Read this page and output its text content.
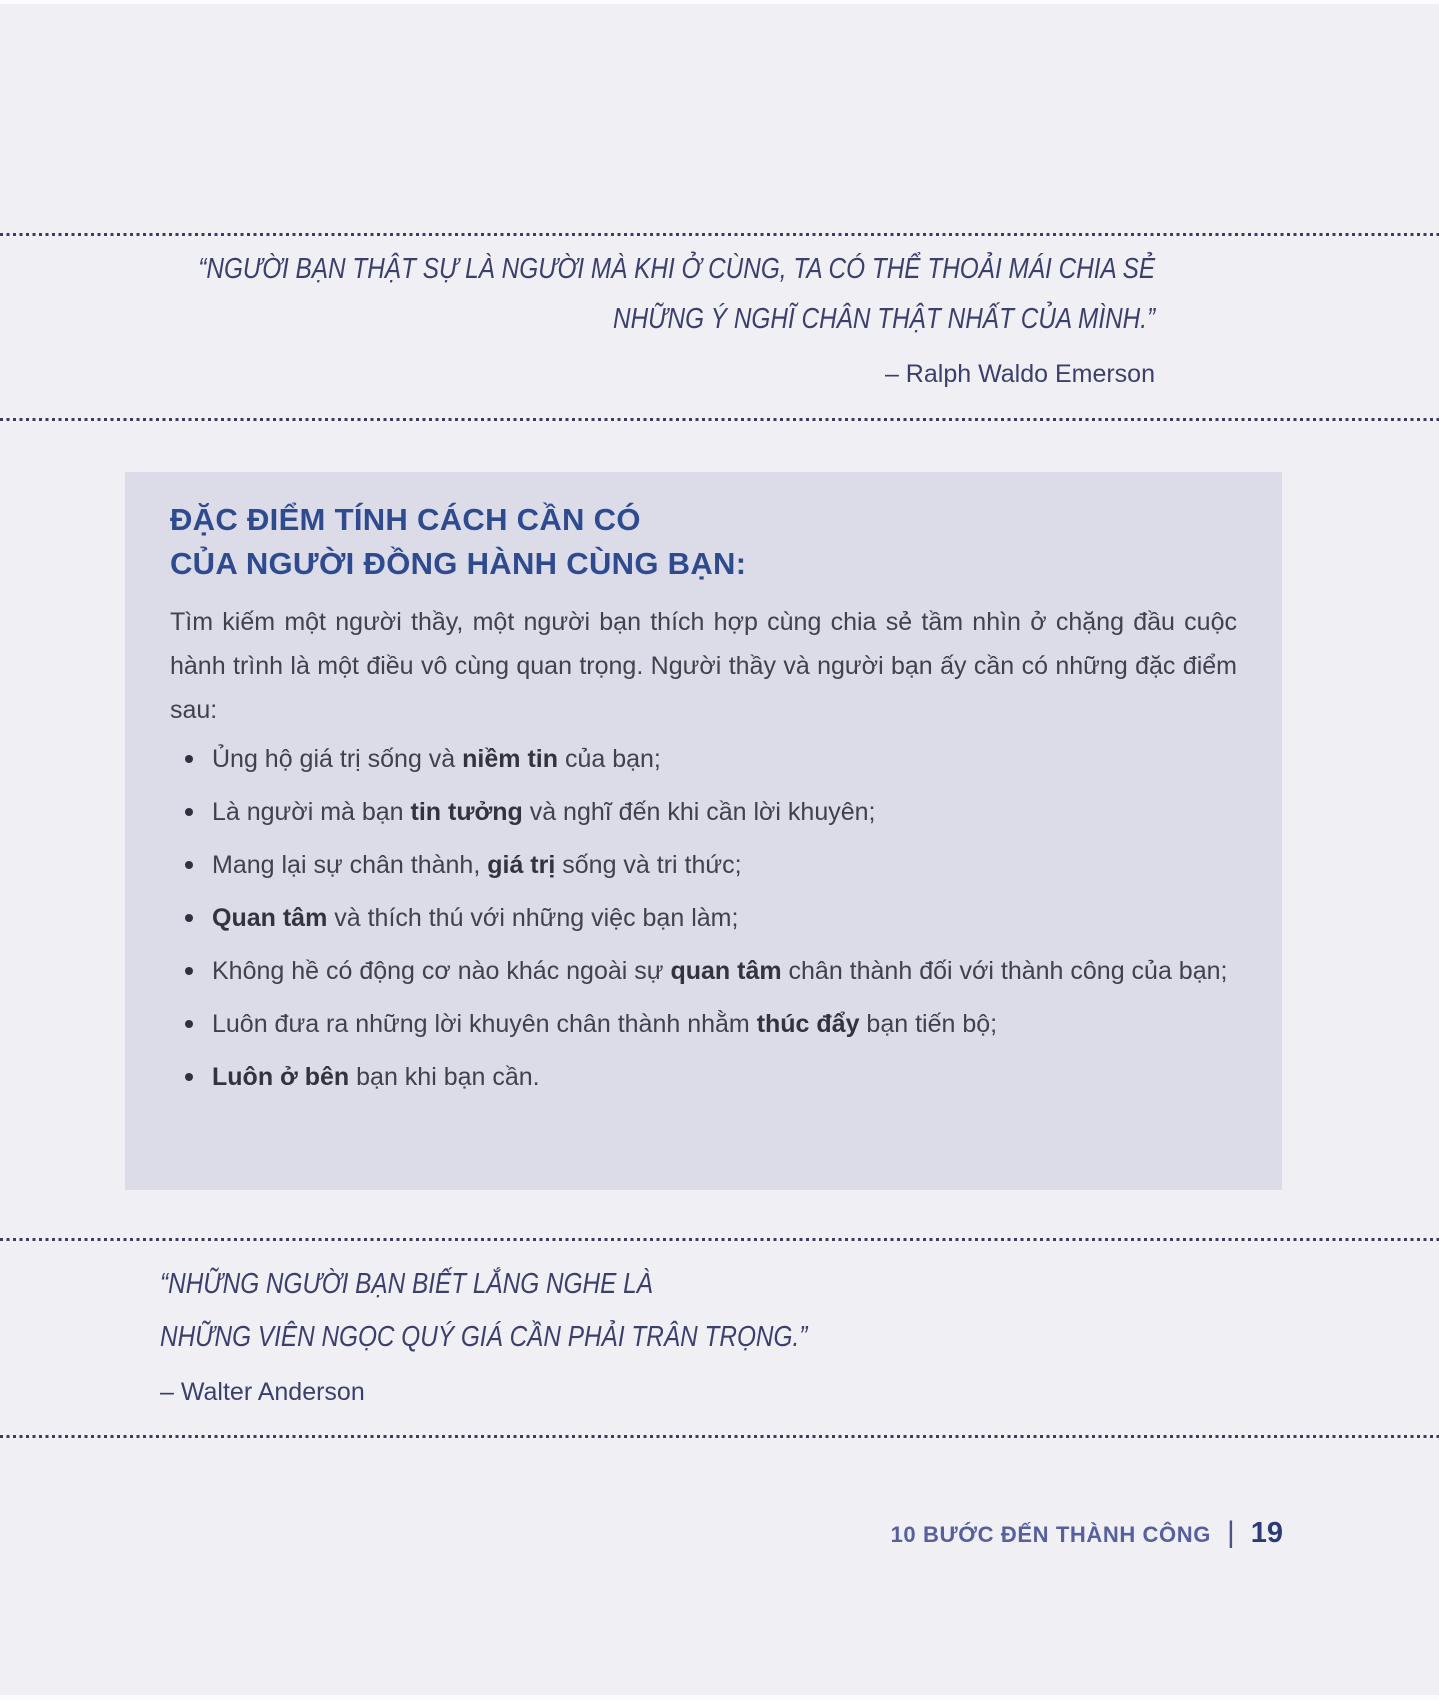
“NGƯỜI BẠN THẬT SỰ LÀ NGƯỜI MÀ KHI Ở CÙNG, TA CÓ THỂ THOẢI MÁI CHIA SẺ
NHỮNG Ý NGHĨ CHÂN THẬT NHẤT CỦA MÌNH.”
– Ralph Waldo Emerson
ĐẶC ĐIỂM TÍNH CÁCH CẦN CÓ
CỦA NGƯỜI ĐỒNG HÀNH CÙNG BẠN:

Tìm kiếm một người thầy, một người bạn thích hợp cùng chia sẻ tầm nhìn ở chặng đầu cuộc hành trình là một điều vô cùng quan trọng. Người thầy và người bạn ấy cần có những đặc điểm sau:

Ủng hộ giá trị sống và niềm tin của bạn;
Là người mà bạn tin tưởng và nghĩ đến khi cần lời khuyên;
Mang lại sự chân thành, giá trị sống và tri thức;
Quan tâm và thích thú với những việc bạn làm;
Không hề có động cơ nào khác ngoài sự quan tâm chân thành đối với thành công của bạn;
Luôn đưa ra những lời khuyên chân thành nhằm thúc đẩy bạn tiến bộ;
Luôn ở bên bạn khi bạn cần.
“NHỮNG NGƯỜI BẠN BIẾT LẮNG NGHE LÀ
NHỮNG VIÊN NGỌC QUÝ GIÁ CẦN PHẢI TRÂN TRỌNG.”
– Walter Anderson
10 BƯỚC ĐẾN THÀNH CÔNG | 19
